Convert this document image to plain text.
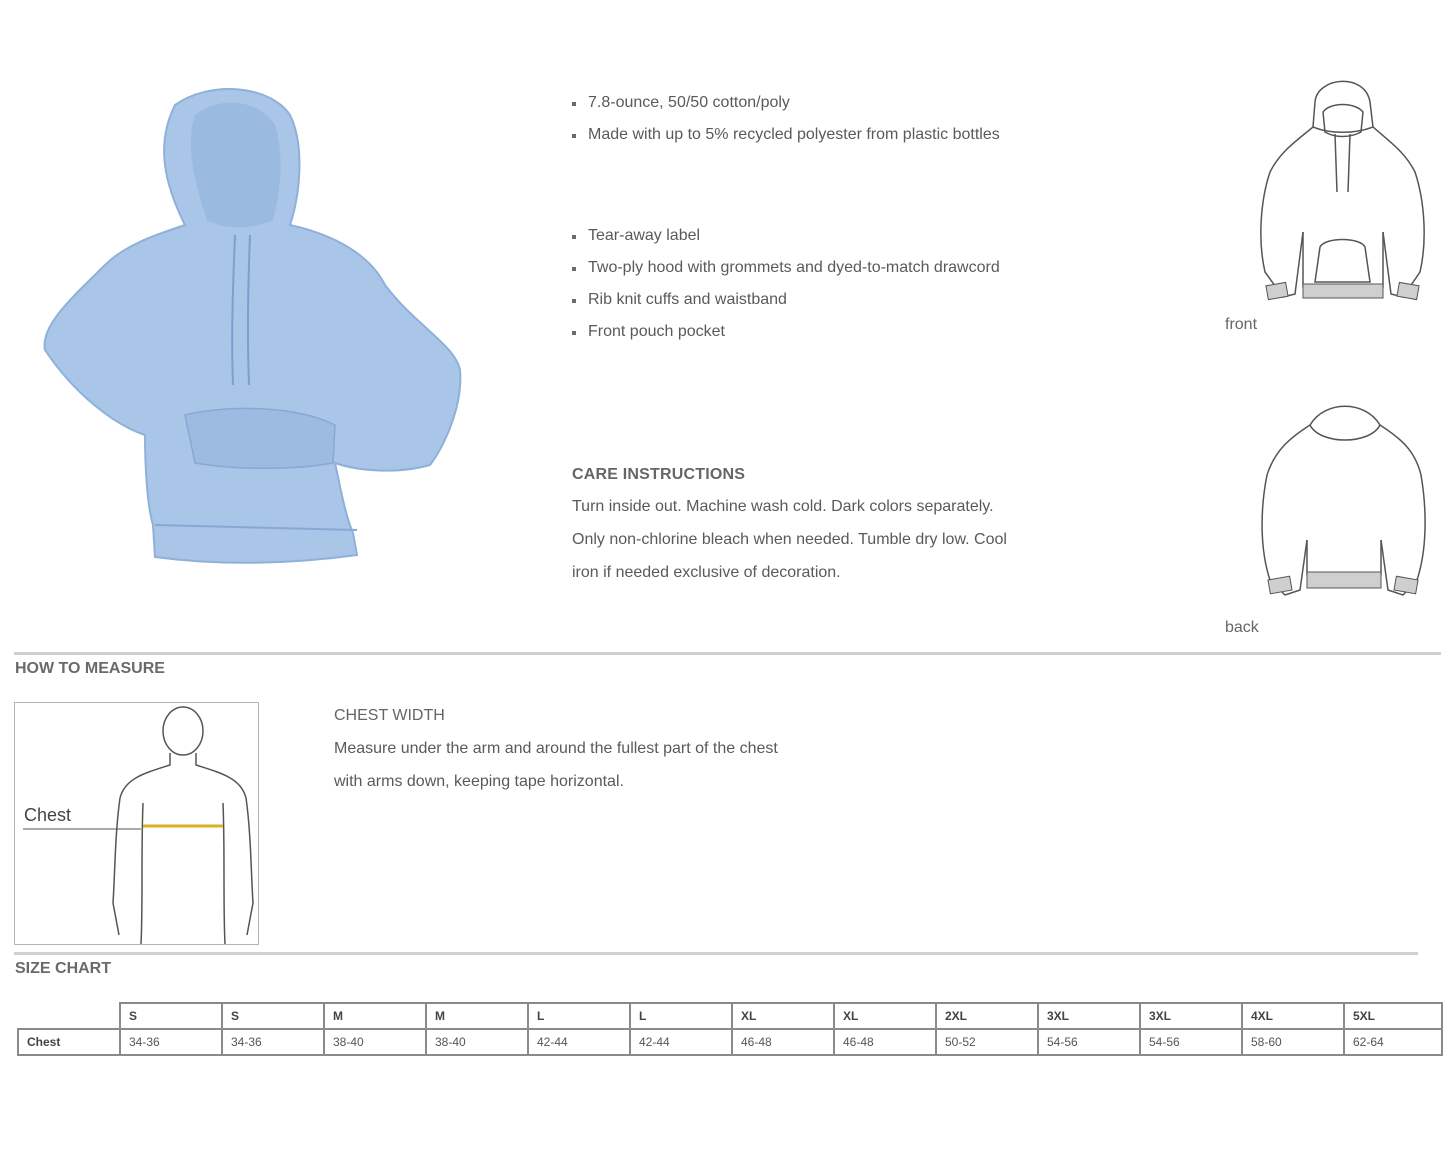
7.8-ounce, 50/50 cotton/poly
Made with up to 5% recycled polyester from plastic bottles
Tear-away label
Two-ply hood with grommets and dyed-to-match drawcord
Rib knit cuffs and waistband
Front pouch pocket
CARE INSTRUCTIONS
Turn inside out. Machine wash cold. Dark colors separately.
Only non-chlorine bleach when needed. Tumble dry low. Cool
iron if needed exclusive of decoration.
front
back
HOW TO MEASURE
Chest
CHEST WIDTH
Measure under the arm and around the fullest part of the chest
with arms down, keeping tape horizontal.
SIZE CHART
	S	S	M	M	L	L	XL	XL	2XL	3XL	3XL	4XL	5XL
Chest	34-36	34-36	38-40	38-40	42-44	42-44	46-48	46-48	50-52	54-56	54-56	58-60	62-64
